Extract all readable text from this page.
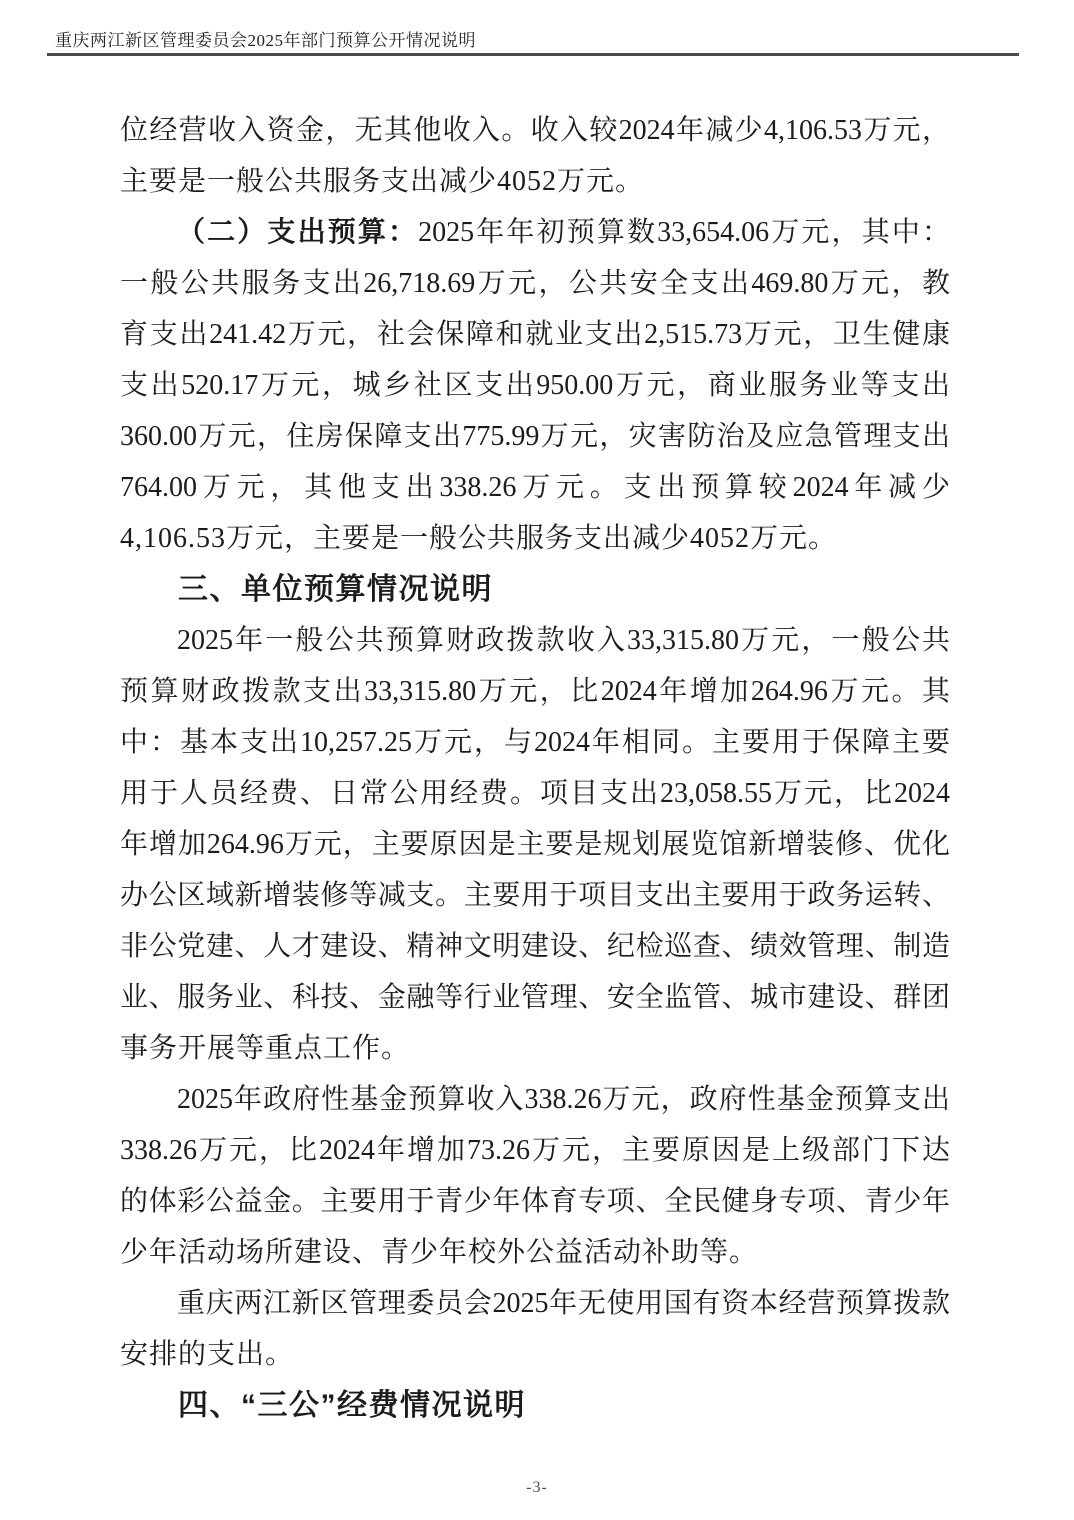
重庆两江新区管理委员会2025年部门预算公开情况说明
位经营收入资金，无其他收入。收入较2024年减少4,106.53万元，
主要是一般公共服务支出减少4052万元。
（二）支出预算：2025年年初预算数33,654.06万元，其中：
一般公共服务支出26,718.69万元，公共安全支出469.80万元，教
育支出241.42万元，社会保障和就业支出2,515.73万元，卫生健康
支出520.17万元，城乡社区支出950.00万元，商业服务业等支出
360.00万元，住房保障支出775.99万元，灾害防治及应急管理支出
764.00万元，其他支出338.26万元。支出预算较2024年减少
4,106.53万元，主要是一般公共服务支出减少4052万元。
三、单位预算情况说明
2025年一般公共预算财政拨款收入33,315.80万元，一般公共
预算财政拨款支出33,315.80万元，比2024年增加264.96万元。其
中：基本支出10,257.25万元，与2024年相同。主要用于保障主要
用于人员经费、日常公用经费。项目支出23,058.55万元，比2024
年增加264.96万元，主要原因是主要是规划展览馆新增装修、优化
办公区域新增装修等减支。主要用于项目支出主要用于政务运转、
非公党建、人才建设、精神文明建设、纪检巡查、绩效管理、制造
业、服务业、科技、金融等行业管理、安全监管、城市建设、群团
事务开展等重点工作。
2025年政府性基金预算收入338.26万元，政府性基金预算支出
338.26万元，比2024年增加73.26万元，主要原因是上级部门下达
的体彩公益金。主要用于青少年体育专项、全民健身专项、青少年
少年活动场所建设、青少年校外公益活动补助等。
重庆两江新区管理委员会2025年无使用国有资本经营预算拨款
安排的支出。
四、“三公”经费情况说明
-3-
